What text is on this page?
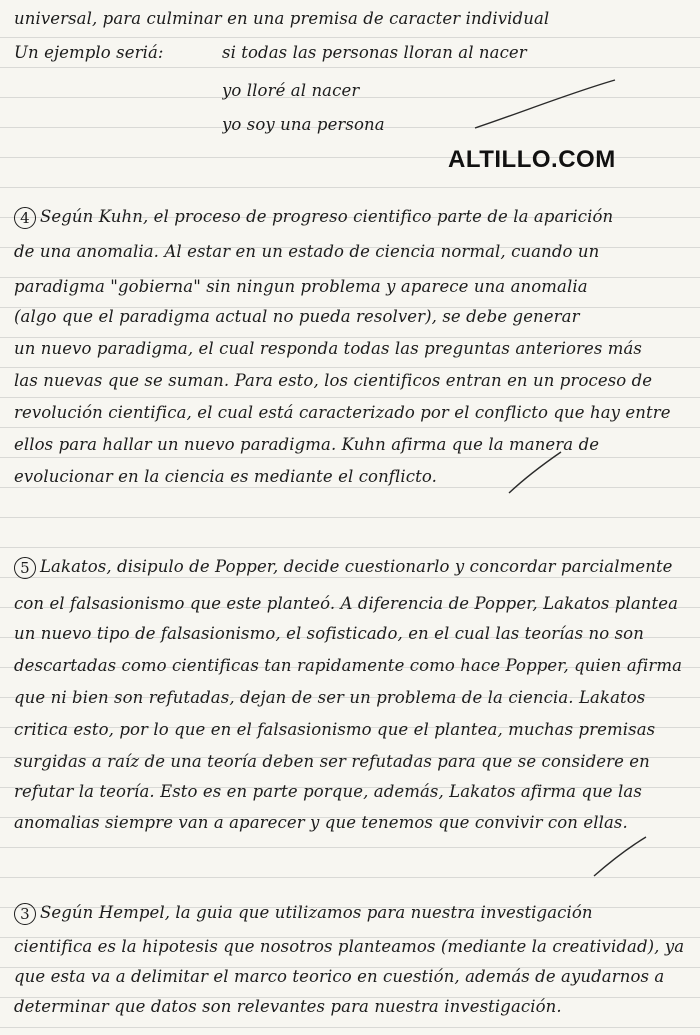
universal, para culminar en una premisa de caracter individual
Un ejemplo seriá:	si todas las personas lloran al nacer
yo lloré al nacer
yo soy una persona
ALTILLO.COM
4 Según Kuhn, el proceso de progreso cientifico parte de la aparición
de una anomalia. Al estar en un estado de ciencia normal, cuando un
paradigma "gobierna" sin ningun problema y aparece una anomalia
(algo que el paradigma actual no pueda resolver), se debe generar
un nuevo paradigma, el cual responda todas las preguntas anteriores más
las nuevas que se suman. Para esto, los cientificos entran en un proceso de
revolución cientifica, el cual está caracterizado por el conflicto que hay entre
ellos para hallar un nuevo paradigma. Kuhn afirma que la manera de
evolucionar en la ciencia es mediante el conflicto.
5 Lakatos, disipulo de Popper, decide cuestionarlo y concordar parcialmente
con el falsasionismo que este planteó. A diferencia de Popper, Lakatos plantea
un nuevo tipo de falsasionismo, el sofisticado, en el cual las teorías no son
descartadas como cientificas tan rapidamente como hace Popper, quien afirma
que ni bien son refutadas, dejan de ser un problema de la ciencia. Lakatos
critica esto, por lo que en el falsasionismo que el plantea, muchas premisas
surgidas a raíz de una teoría deben ser refutadas para que se considere en
refutar la teoría. Esto es en parte porque, además, Lakatos afirma que las
anomalias siempre van a aparecer y que tenemos que convivir con ellas.
3 Según Hempel, la guia que utilizamos para nuestra investigación
cientifica es la hipotesis que nosotros planteamos (mediante la creatividad), ya
que esta va a delimitar el marco teorico en cuestión, además de ayudarnos a
determinar que datos son relevantes para nuestra investigación.
